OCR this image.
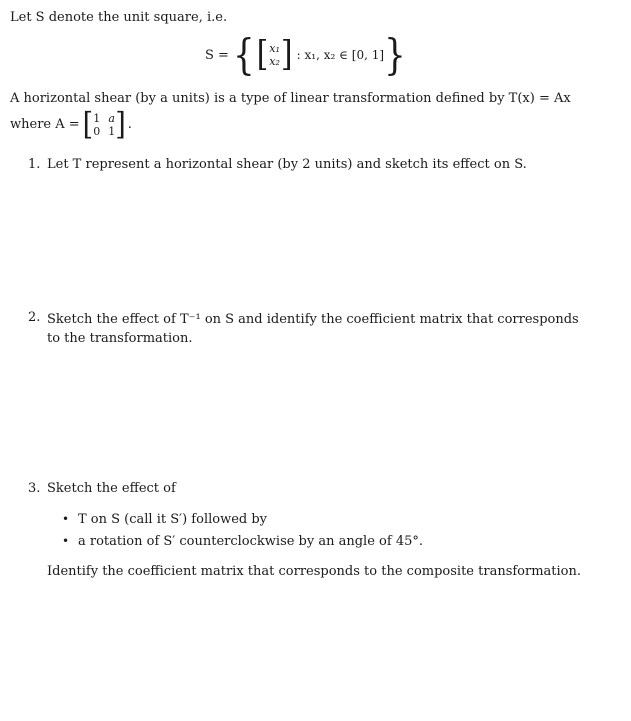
Let S denote the unit square, i.e.
S = { [ x₁
x₂ ] : x₁, x₂ ∈ [0, 1] }
A horizontal shear (by a units) is a type of linear transformation defined by T(x) = Ax
where A = [ 1 a
0 1 ] .
1. Let T represent a horizontal shear (by 2 units) and sketch its effect on S.
2. Sketch the effect of T⁻¹ on S and identify the coefficient matrix that corresponds to the transformation.
3. Sketch the effect of
• T on S (call it S′) followed by
• a rotation of S′ counterclockwise by an angle of 45°.
Identify the coefficient matrix that corresponds to the composite transformation.
